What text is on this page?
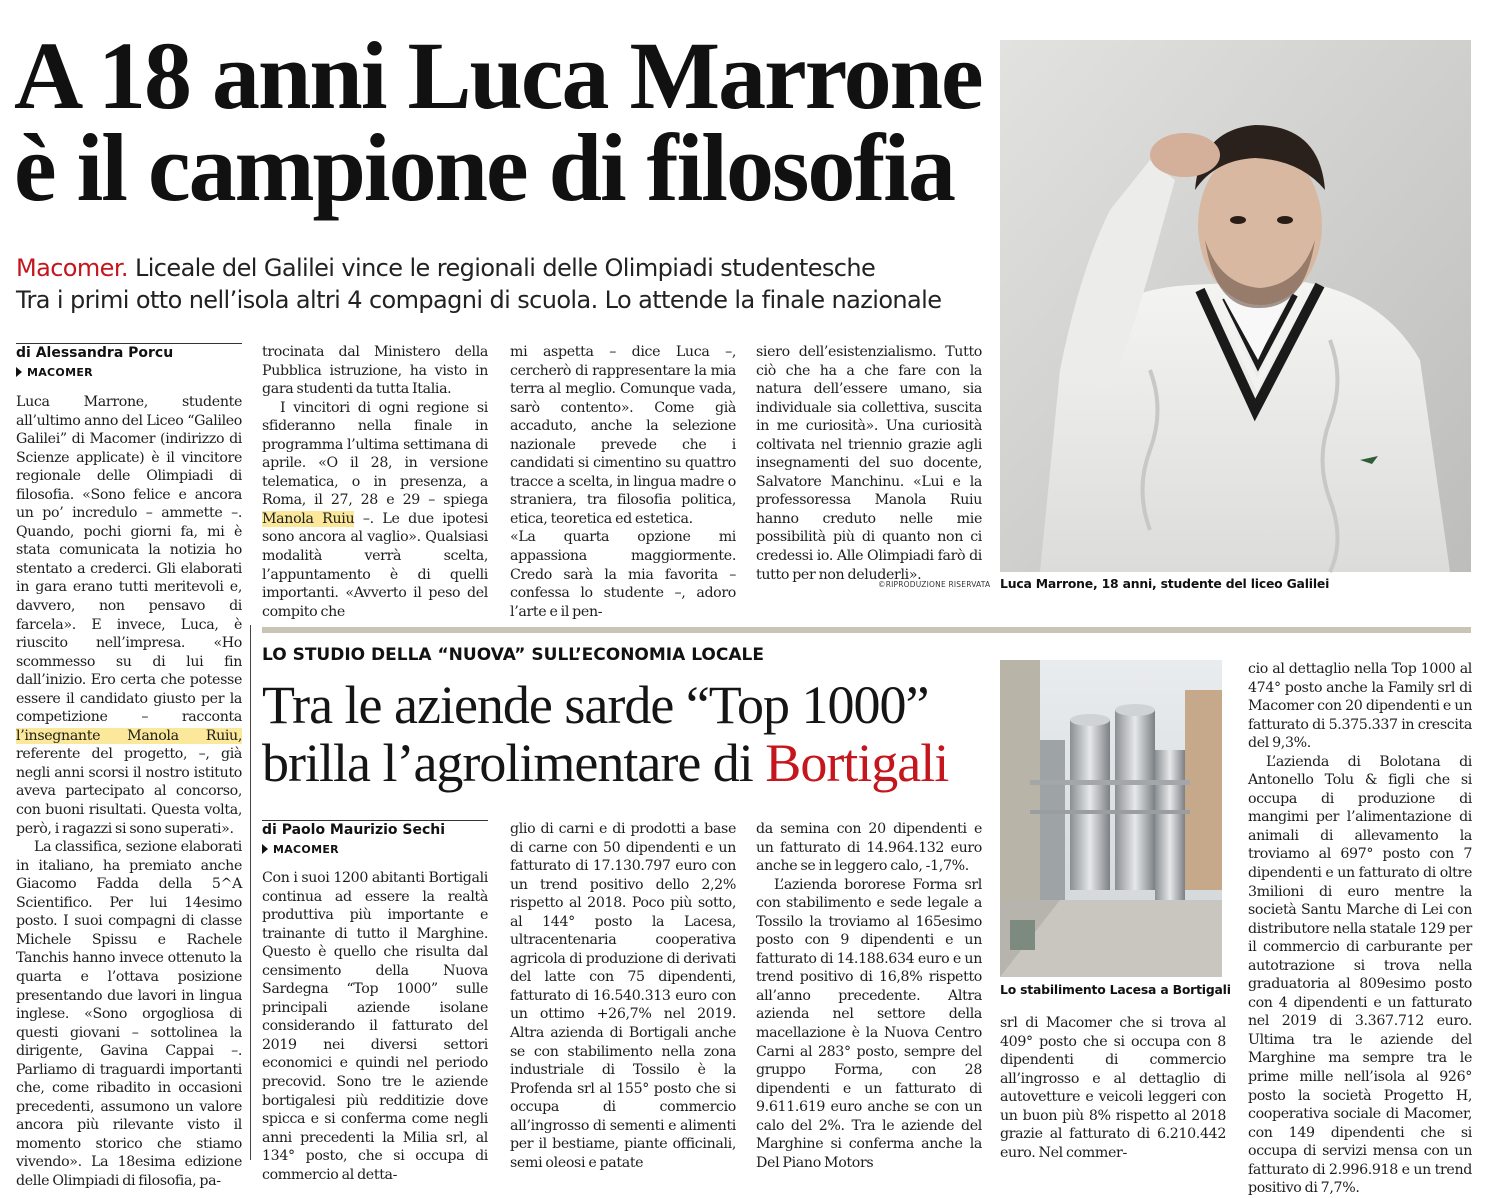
A 18 anni Luca Marrone
è il campione di filosofia
Macomer. Liceale del Galilei vince le regionali delle Olimpiadi studentesche
Tra i primi otto nell’isola altri 4 compagni di scuola. Lo attende la finale nazionale
di Alessandra Porcu
MACOMER

Luca Marrone, studente all’ultimo anno del Liceo “Galileo Galilei” di Macomer (indirizzo di Scienze applicate) è il vincitore regionale delle Olimpiadi di filosofia. «Sono felice e ancora un po’ incredulo – ammette –. Quando, pochi giorni fa, mi è stata comunicata la notizia ho stentato a crederci. Gli elaborati in gara erano tutti meritevoli e, davvero, non pensavo di farcela». E invece, Luca, è riuscito nell’impresa. «Ho scommesso su di lui fin dall’inizio. Ero certa che potesse essere il candidato giusto per la competizione – racconta l’insegnante Manola Ruiu, referente del progetto, –, già negli anni scorsi il nostro istituto aveva partecipato al concorso, con buoni risultati. Questa volta, però, i ragazzi si sono superati».

La classifica, sezione elaborati in italiano, ha premiato anche Giacomo Fadda della 5^A Scientifico. Per lui 14esimo posto. I suoi compagni di classe Michele Spissu e Rachele Tanchis hanno invece ottenuto la quarta e l’ottava posizione presentando due lavori in lingua inglese. «Sono orgogliosa di questi giovani – sottolinea la dirigente, Gavina Cappai –. Parliamo di traguardi importanti che, come ribadito in occasioni precedenti, assumono un valore ancora più rilevante visto il momento storico che stiamo vivendo». La 18esima edizione delle Olimpiadi di filosofia, pa-

trocinata dal Ministero della Pubblica istruzione, ha visto in gara studenti da tutta Italia.

I vincitori di ogni regione si sfideranno nella finale in programma l’ultima settimana di aprile. «O il 28, in versione telematica, o in presenza, a Roma, il 27, 28 e 29 – spiega Manola Ruiu –. Le due ipotesi sono ancora al vaglio». Qualsiasi modalità verrà scelta, l’appuntamento è di quelli importanti. «Avverto il peso del compito che

mi aspetta – dice Luca –, cercherò di rappresentare la mia terra al meglio. Comunque vada, sarò contento». Come già accaduto, anche la selezione nazionale prevede che i candidati si cimentino su quattro tracce a scelta, in lingua madre o straniera, tra filosofia politica, etica, teoretica ed estetica.

«La quarta opzione mi appassiona maggiormente. Credo sarà la mia favorita – confessa lo studente –, adoro l’arte e il pen-

siero dell’esistenzialismo. Tutto ciò che ha a che fare con la natura dell’essere umano, sia individuale sia collettiva, suscita in me curiosità». Una curiosità coltivata nel triennio grazie agli insegnamenti del suo docente, Salvatore Manchinu. «Lui e la professoressa Manola Ruiu hanno creduto nelle mie possibilità più di quanto non ci credessi io. Alle Olimpiadi farò di tutto per non deluderli».

©RIPRODUZIONE RISERVATA Luca Marrone, 18 anni, studente del liceo Galilei
LO STUDIO DELLA “NUOVA” SULL’ECONOMIA LOCALE
Tra le aziende sarde “Top 1000”
brilla l’agrolimentare di Bortigali
di Paolo Maurizio Sechi
MACOMER

Con i suoi 1200 abitanti Bortigali continua ad essere la realtà produttiva più importante e trainante di tutto il Marghine. Questo è quello che risulta dal censimento della Nuova Sardegna “Top 1000” sulle principali aziende isolane considerando il fatturato del 2019 nei diversi settori economici e quindi nel periodo precovid. Sono tre le aziende bortigalesi più redditizie dove spicca e si conferma come negli anni precedenti la Milia srl, al 134° posto, che si occupa di commercio al detta-

glio di carni e di prodotti a base di carne con 50 dipendenti e un fatturato di 17.130.797 euro con un trend positivo dello 2,2% rispetto al 2018. Poco più sotto, al 144° posto la Lacesa, ultracentenaria cooperativa agricola di produzione di derivati del latte con 75 dipendenti, fatturato di 16.540.313 euro con un ottimo +26,7% nel 2019. Altra azienda di Bortigali anche se con stabilimento nella zona industriale di Tossilo è la Profenda srl al 155° posto che si occupa di commercio all’ingrosso di sementi e alimenti per il bestiame, piante officinali, semi oleosi e patate

da semina con 20 dipendenti e un fatturato di 14.964.132 euro anche se in leggero calo, -1,7%.

L’azienda bororese Forma srl con stabilimento e sede legale a Tossilo la troviamo al 165esimo posto con 9 dipendenti e un fatturato di 14.188.634 euro e un trend positivo di 16,8% rispetto all’anno precedente. Altra azienda nel settore della macellazione è la Nuova Centro Carni al 283° posto, sempre del gruppo Forma, con 28 dipendenti e un fatturato di 9.611.619 euro anche se con un calo del 2%. Tra le aziende del Marghine si conferma anche la Del Piano Motors

Lo stabilimento Lacesa a Bortigali

srl di Macomer che si trova al 409° posto che si occupa con 8 dipendenti di commercio all’ingrosso e al dettaglio di autovetture e veicoli leggeri con un buon più 8% rispetto al 2018 grazie al fatturato di 6.210.442 euro. Nel commer-

cio al dettaglio nella Top 1000 al 474° posto anche la Family srl di Macomer con 20 dipendenti e un fatturato di 5.375.337 in crescita del 9,3%.

L’azienda di Bolotana di Antonello Tolu & figli che si occupa di produzione di mangimi per l’alimentazione di animali di allevamento la troviamo al 697° posto con 7 dipendenti e un fatturato di oltre 3milioni di euro mentre la società Santu Marche di Lei con distributore nella statale 129 per il commercio di carburante per autotrazione si trova nella graduatoria al 809esimo posto con 4 dipendenti e un fatturato nel 2019 di 3.367.712 euro. Ultima tra le aziende del Marghine ma sempre tra le prime mille nell’isola al 926° posto la società Progetto H, cooperativa sociale di Macomer, con 149 dipendenti che si occupa di servizi mensa con un fatturato di 2.996.918 e un trend positivo di 7,7%.
